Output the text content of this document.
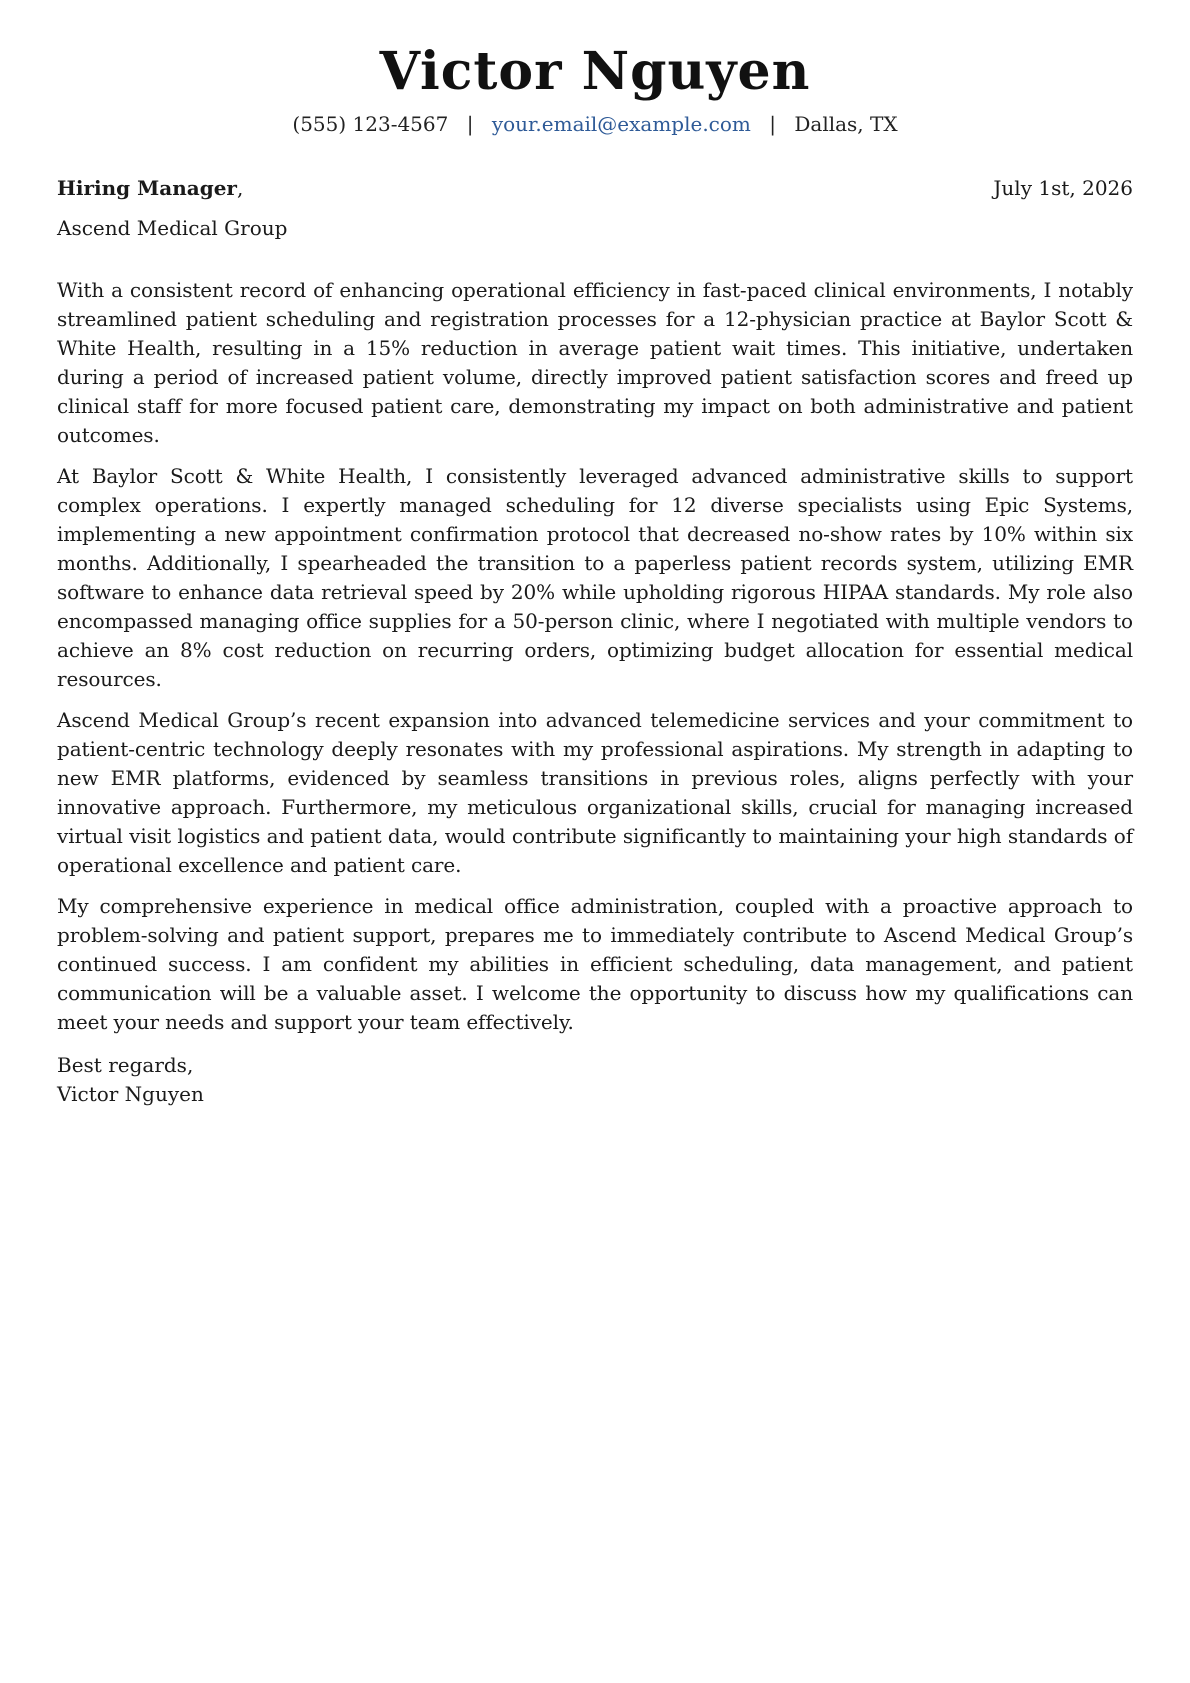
Victor Nguyen
(555) 123-4567 | your.email@example.com | Dallas, TX
Hiring Manager,	July 1st, 2026
Ascend Medical Group

With a consistent record of enhancing operational efficiency in fast-paced clinical environments, I notably streamlined patient scheduling and registration processes for a 12-physician practice at Baylor Scott & White Health, resulting in a 15% reduction in average patient wait times. This initiative, undertaken during a period of increased patient volume, directly improved patient satisfaction scores and freed up clinical staff for more focused patient care, demonstrating my impact on both administrative and patient outcomes.

At Baylor Scott & White Health, I consistently leveraged advanced administrative skills to support complex operations. I expertly managed scheduling for 12 diverse specialists using Epic Systems, implementing a new appointment confirmation protocol that decreased no-show rates by 10% within six months. Additionally, I spearheaded the transition to a paperless patient records system, utilizing EMR software to enhance data retrieval speed by 20% while upholding rigorous HIPAA standards. My role also encompassed managing office supplies for a 50-person clinic, where I negotiated with multiple vendors to achieve an 8% cost reduction on recurring orders, optimizing budget allocation for essential medical resources.

Ascend Medical Group’s recent expansion into advanced telemedicine services and your commitment to patient-centric technology deeply resonates with my professional aspirations. My strength in adapting to new EMR platforms, evidenced by seamless transitions in previous roles, aligns perfectly with your innovative approach. Furthermore, my meticulous organizational skills, crucial for managing increased virtual visit logistics and patient data, would contribute significantly to maintaining your high standards of operational excellence and patient care.

My comprehensive experience in medical office administration, coupled with a proactive approach to problem-solving and patient support, prepares me to immediately contribute to Ascend Medical Group’s continued success. I am confident my abilities in efficient scheduling, data management, and patient communication will be a valuable asset. I welcome the opportunity to discuss how my qualifications can meet your needs and support your team effectively.

Best regards,
Victor Nguyen
